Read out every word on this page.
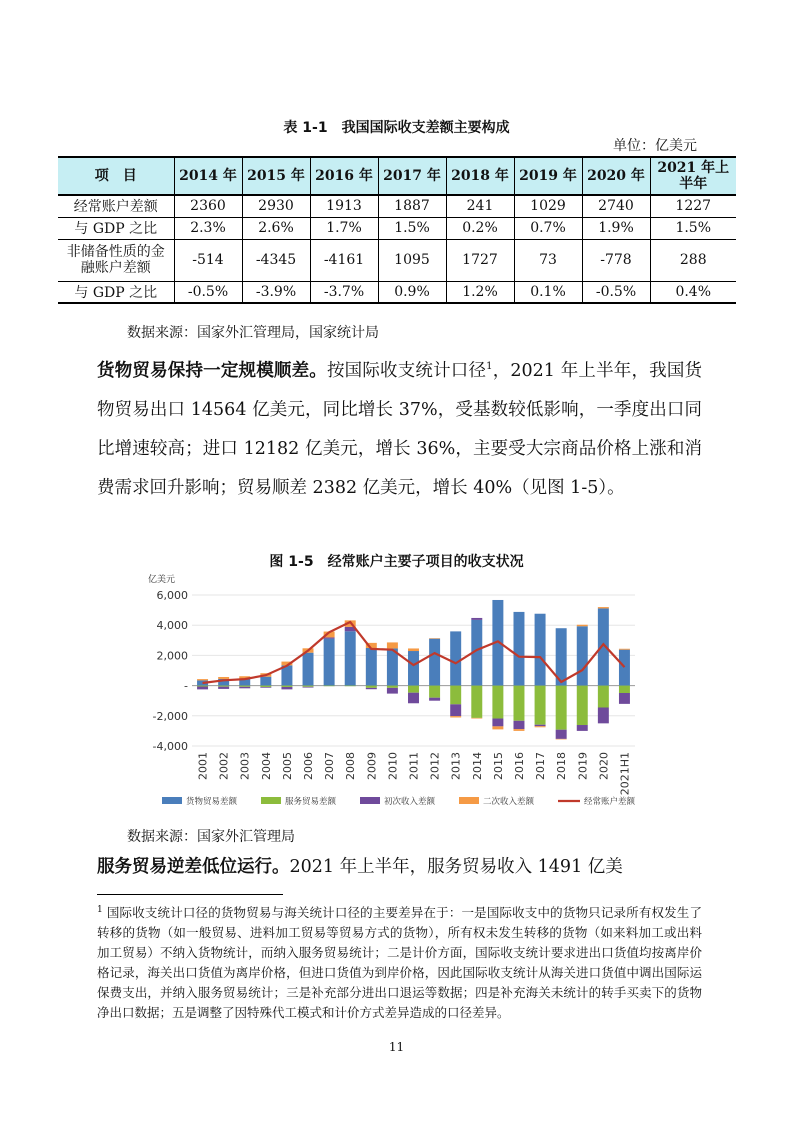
表 1-1　我国国际收支差额主要构成
单位：亿美元
项　目	2014 年	2015 年	2016 年	2017 年	2018 年	2019 年	2020 年	2021 年上半年
经常账户差额	2360	2930	1913	1887	241	1029	2740	1227
与 GDP 之比	2.3%	2.6%	1.7%	1.5%	0.2%	0.7%	1.9%	1.5%
非储备性质的金融账户差额	-514	-4345	-4161	1095	1727	73	-778	288
与 GDP 之比	-0.5%	-3.9%	-3.7%	0.9%	1.2%	0.1%	-0.5%	0.4%
数据来源：国家外汇管理局，国家统计局
货物贸易保持一定规模顺差。按国际收支统计口径$^1$，2021 年上半年，我国货物贸易出口 14564 亿美元，同比增长 37%，受基数较低影响，一季度出口同比增速较高；进口 12182 亿美元，增长 36%，主要受大宗商品价格上涨和消费需求回升影响；贸易顺差 2382 亿美元，增长 40%（见图 1-5）。
图 1-5　经常账户主要子项目的收支状况
亿美元
6,000
4,000
2,000
-
-2,000
-4,000
2001 2002 2003 2004 2005 2006 2007 2008 2009 2010 2011 2012 2013 2014 2015 2016 2017 2018 2019 2020 2021H1
货物贸易差额	服务贸易差额	初次收入差额	二次收入差额	经常账户差额
数据来源：国家外汇管理局
服务贸易逆差低位运行。2021 年上半年，服务贸易收入 1491 亿美
$^1$ 国际收支统计口径的货物贸易与海关统计口径的主要差异在于：一是国际收支中的货物只记录所有权发生了转移的货物（如一般贸易、进料加工贸易等贸易方式的货物），所有权未发生转移的货物（如来料加工或出料加工贸易）不纳入货物统计，而纳入服务贸易统计；二是计价方面，国际收支统计要求进出口货值均按离岸价格记录，海关出口货值为离岸价格，但进口货值为到岸价格，因此国际收支统计从海关进口货值中调出国际运保费支出，并纳入服务贸易统计；三是补充部分进出口退运等数据；四是补充海关未统计的转手买卖下的货物净出口数据；五是调整了因特殊代工模式和计价方式差异造成的口径差异。
11
